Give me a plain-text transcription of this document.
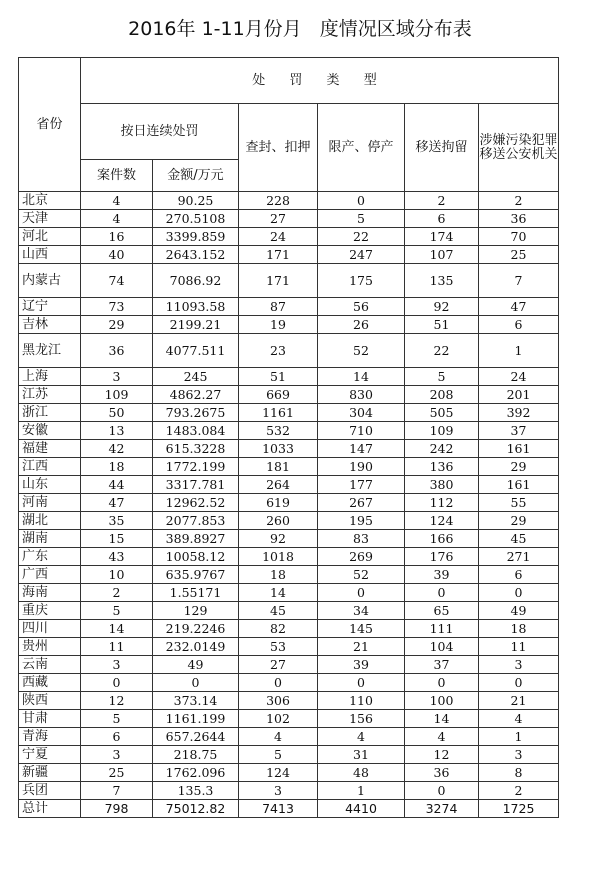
2016年 1-11月份月   度情况区域分布表
省份	处 罚 类 型					
	按日连续处罚		查封、扣押	限产、停产	移送拘留	涉嫌污染犯罪移送公安机关
	案件数	金额/万元				
北京	4	90.25	228	0	2	2
天津	4	270.5108	27	5	6	36
河北	16	3399.859	24	22	174	70
山西	40	2643.152	171	247	107	25
内蒙古	74	7086.92	171	175	135	7
辽宁	73	11093.58	87	56	92	47
吉林	29	2199.21	19	26	51	6
黑龙江	36	4077.511	23	52	22	1
上海	3	245	51	14	5	24
江苏	109	4862.27	669	830	208	201
浙江	50	793.2675	1161	304	505	392
安徽	13	1483.084	532	710	109	37
福建	42	615.3228	1033	147	242	161
江西	18	1772.199	181	190	136	29
山东	44	3317.781	264	177	380	161
河南	47	12962.52	619	267	112	55
湖北	35	2077.853	260	195	124	29
湖南	15	389.8927	92	83	166	45
广东	43	10058.12	1018	269	176	271
广西	10	635.9767	18	52	39	6
海南	2	1.55171	14	0	0	0
重庆	5	129	45	34	65	49
四川	14	219.2246	82	145	111	18
贵州	11	232.0149	53	21	104	11
云南	3	49	27	39	37	3
西藏	0	0	0	0	0	0
陕西	12	373.14	306	110	100	21
甘肃	5	1161.199	102	156	14	4
青海	6	657.2644	4	4	4	1
宁夏	3	218.75	5	31	12	3
新疆	25	1762.096	124	48	36	8
兵团	7	135.3	3	1	0	2
总计	798	75012.82	7413	4410	3274	1725
